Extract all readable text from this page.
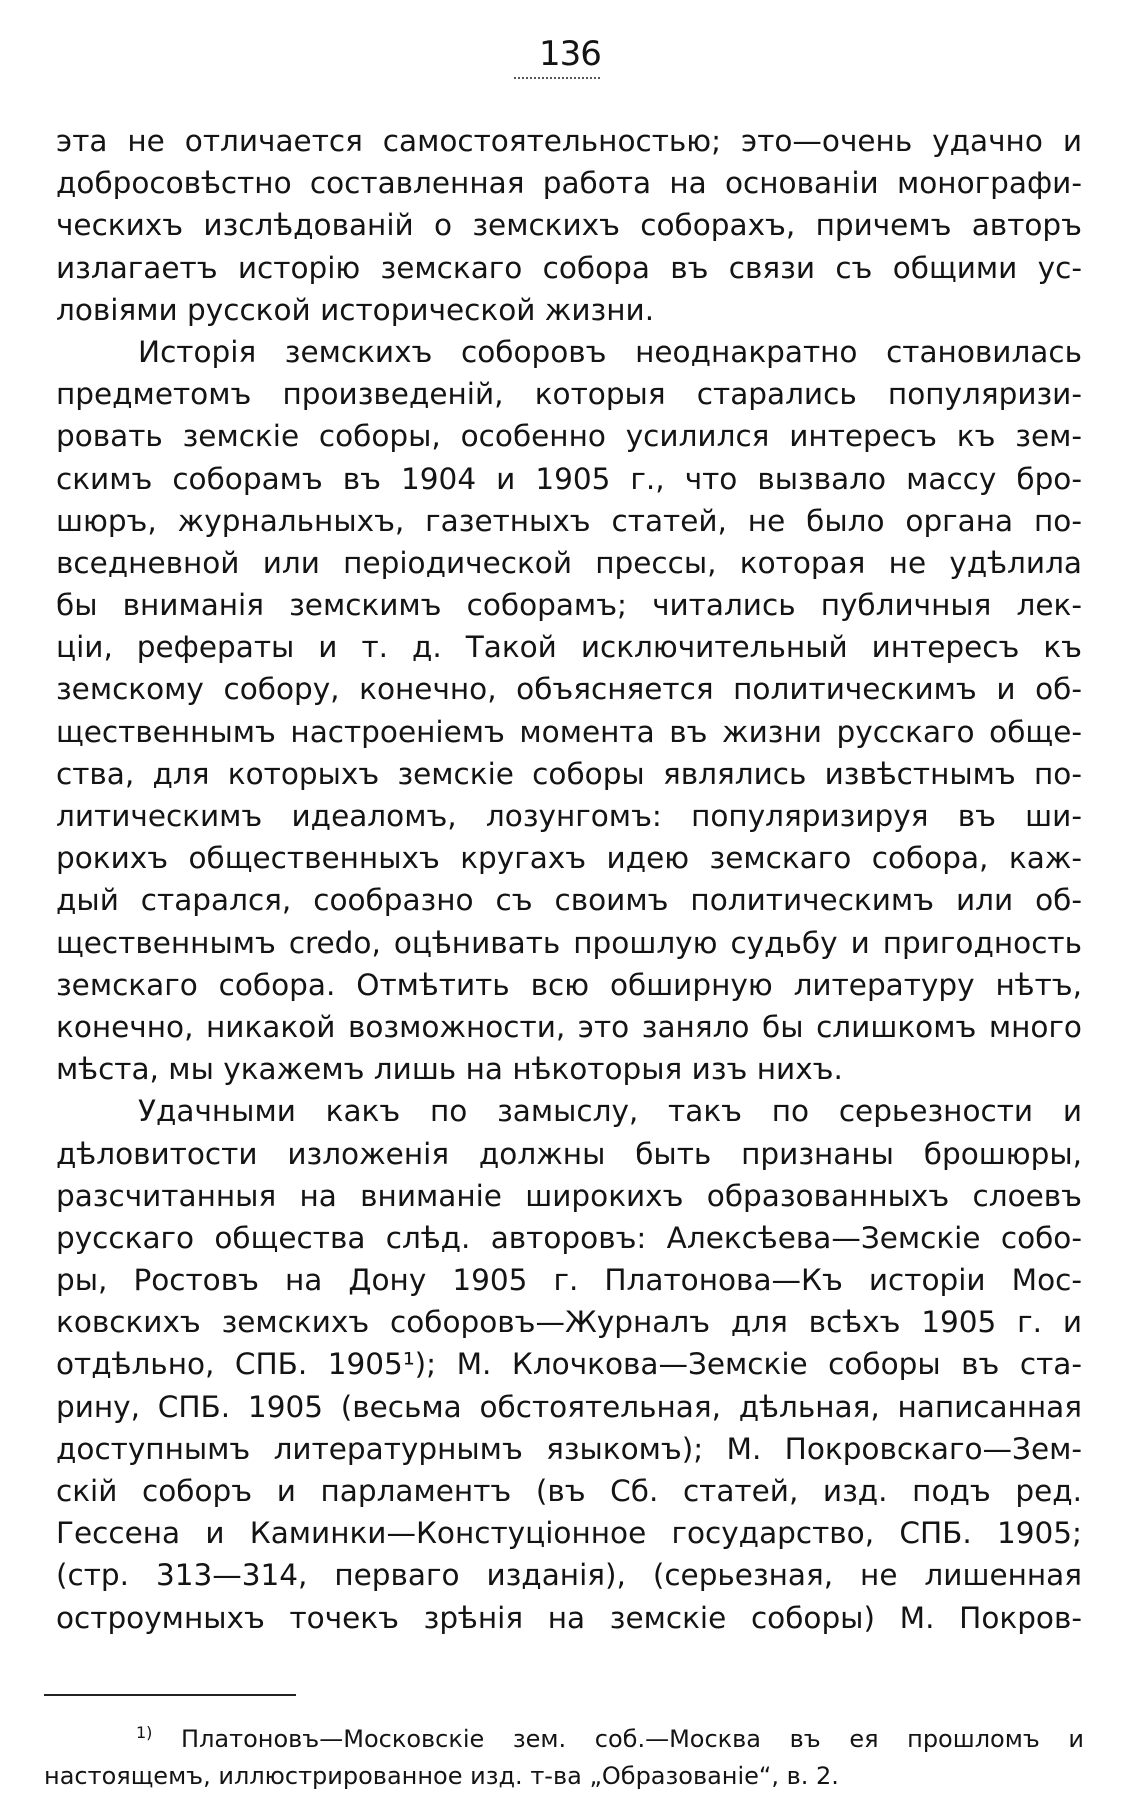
136
эта не отличается самостоятельностью; это—очень удачно и
добросовѣстно составленная работа на основаніи монографи-
ческихъ изслѣдованій о земскихъ соборахъ, причемъ авторъ
излагаетъ исторію земскаго собора въ связи съ общими ус-
ловіями русской исторической жизни.
Исторія земскихъ соборовъ неоднакратно становилась
предметомъ произведеній, которыя старались популяризи-
ровать земскіе соборы, особенно усилился интересъ къ зем-
скимъ соборамъ въ 1904 и 1905 г., что вызвало массу бро-
шюръ, журнальныхъ, газетныхъ статей, не было органа по-
вседневной или періодической прессы, которая не удѣлила
бы вниманія земскимъ соборамъ; читались публичныя лек-
ціи, рефераты и т. д. Такой исключительный интересъ къ
земскому собору, конечно, объясняется политическимъ и об-
щественнымъ настроеніемъ момента въ жизни русскаго обще-
ства, для которыхъ земскіе соборы являлись извѣстнымъ по-
литическимъ идеаломъ, лозунгомъ: популяризируя въ ши-
рокихъ общественныхъ кругахъ идею земскаго собора, каж-
дый старался, сообразно съ своимъ политическимъ или об-
щественнымъ credo, оцѣнивать прошлую судьбу и пригодность
земскаго собора. Отмѣтить всю обширную литературу нѣтъ,
конечно, никакой возможности, это заняло бы слишкомъ много
мѣста, мы укажемъ лишь на нѣкоторыя изъ нихъ.
Удачными какъ по замыслу, такъ по серьезности и
дѣловитости изложенія должны быть признаны брошюры,
разсчитанныя на вниманіе широкихъ образованныхъ слоевъ
русскаго общества слѣд. авторовъ: Алексѣева—Земскіе собо-
ры, Ростовъ на Дону 1905 г. Платонова—Къ исторіи Мос-
ковскихъ земскихъ соборовъ—Журналъ для всѣхъ 1905 г. и
отдѣльно, СПБ. 1905¹); М. Клочкова—Земскіе соборы въ ста-
рину, СПБ. 1905 (весьма обстоятельная, дѣльная, написанная
доступнымъ литературнымъ языкомъ); М. Покровскаго—Зем-
скій соборъ и парламентъ (въ Сб. статей, изд. подъ ред.
Гессена и Каминки—Констуціонное государство, СПБ. 1905;
(стр. 313—314, перваго изданія), (серьезная, не лишенная
остроумныхъ точекъ зрѣнія на земскіе соборы) М. Покров-
$^{1)}$ Платоновъ—Московскіе зем. соб.—Москва въ ея прошломъ и
настоящемъ, иллюстрированное изд. т-ва „Образованіе“, в. 2.
